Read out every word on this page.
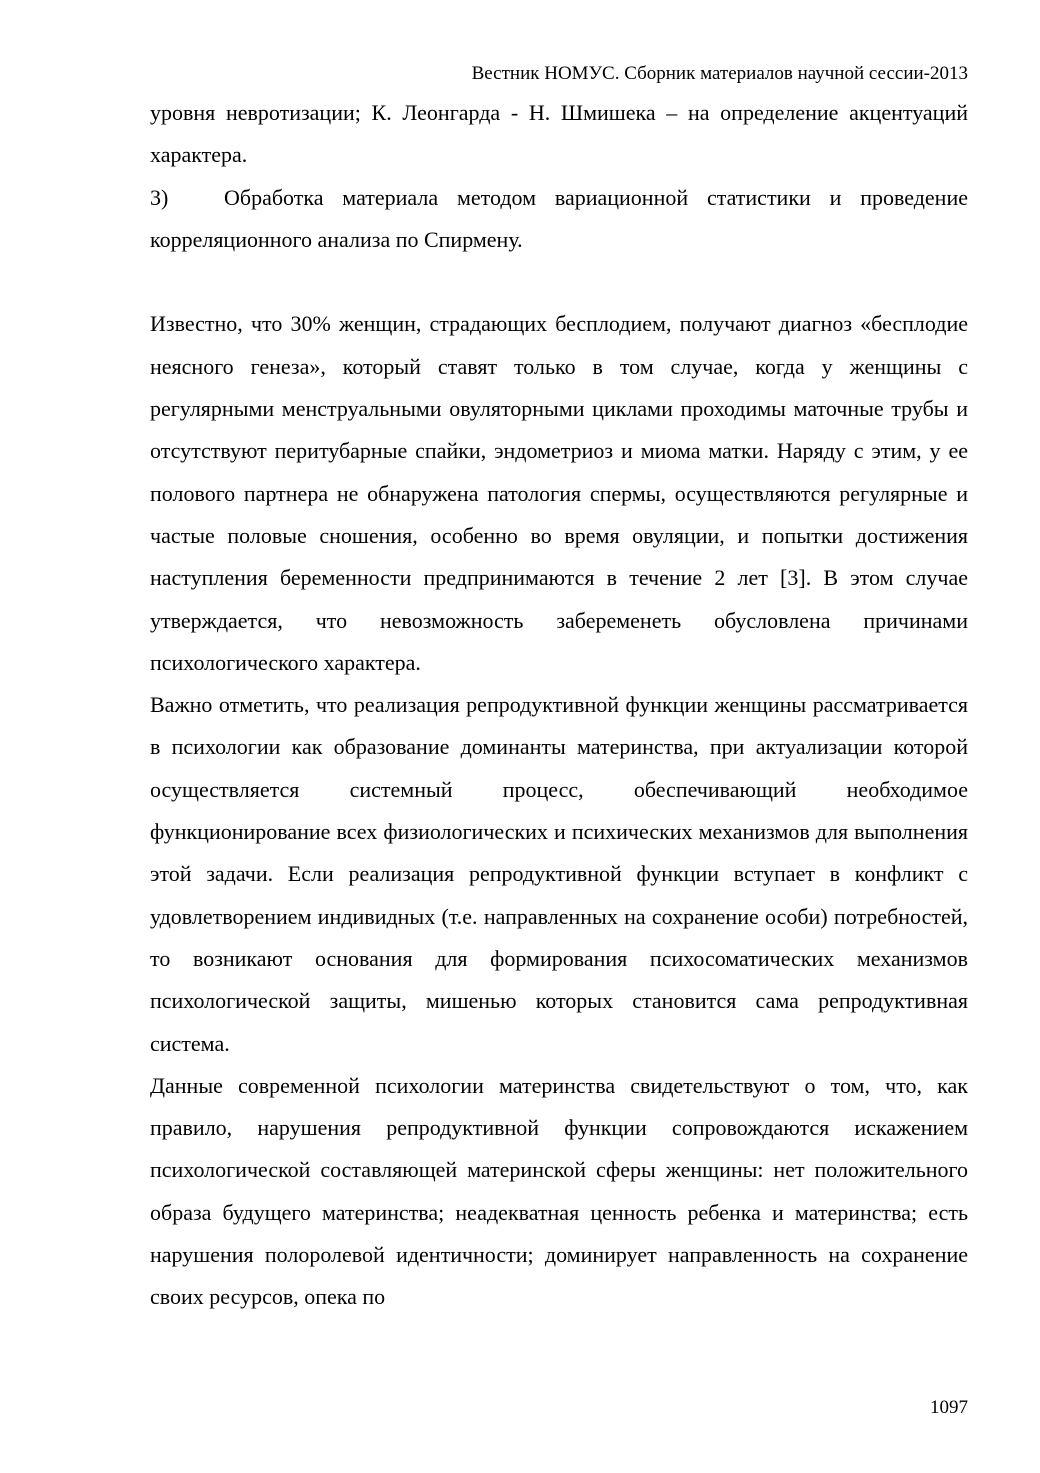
Вестник НОМУС. Сборник материалов научной сессии-2013

уровня невротизации; К. Леонгарда - Н. Шмишека – на определение акцентуаций характера.

3)	Обработка материала методом вариационной статистики и проведение корреляционного анализа по Спирмену.

Известно, что 30% женщин, страдающих бесплодием, получают диагноз «бесплодие неясного генеза», который ставят только в том случае, когда у женщины с регулярными менструальными овуляторными циклами проходимы маточные трубы и отсутствуют перитубарные спайки, эндометриоз и миома матки. Наряду с этим, у ее полового партнера не обнаружена патология спермы, осуществляются регулярные и частые половые сношения, особенно во время овуляции, и попытки достижения наступления беременности предпринимаются в течение 2 лет [3]. В этом случае утверждается, что невозможность забеременеть обусловлена причинами психологического характера.

Важно отметить, что реализация репродуктивной функции женщины рассматривается в психологии как образование доминанты материнства, при актуализации которой осуществляется системный процесс, обеспечивающий необходимое функционирование всех физиологических и психических механизмов для выполнения этой задачи. Если реализация репродуктивной функции вступает в конфликт с удовлетворением индивидных (т.е. направленных на сохранение особи) потребностей, то возникают основания для формирования психосоматических механизмов психологической защиты, мишенью которых становится сама репродуктивная система.

Данные современной психологии материнства свидетельствуют о том, что, как правило, нарушения репродуктивной функции сопровождаются искажением психологической составляющей материнской сферы женщины: нет положительного образа будущего материнства; неадекватная ценность ребенка и материнства; есть нарушения полоролевой идентичности; доминирует направленность на сохранение своих ресурсов, опека по

1097
